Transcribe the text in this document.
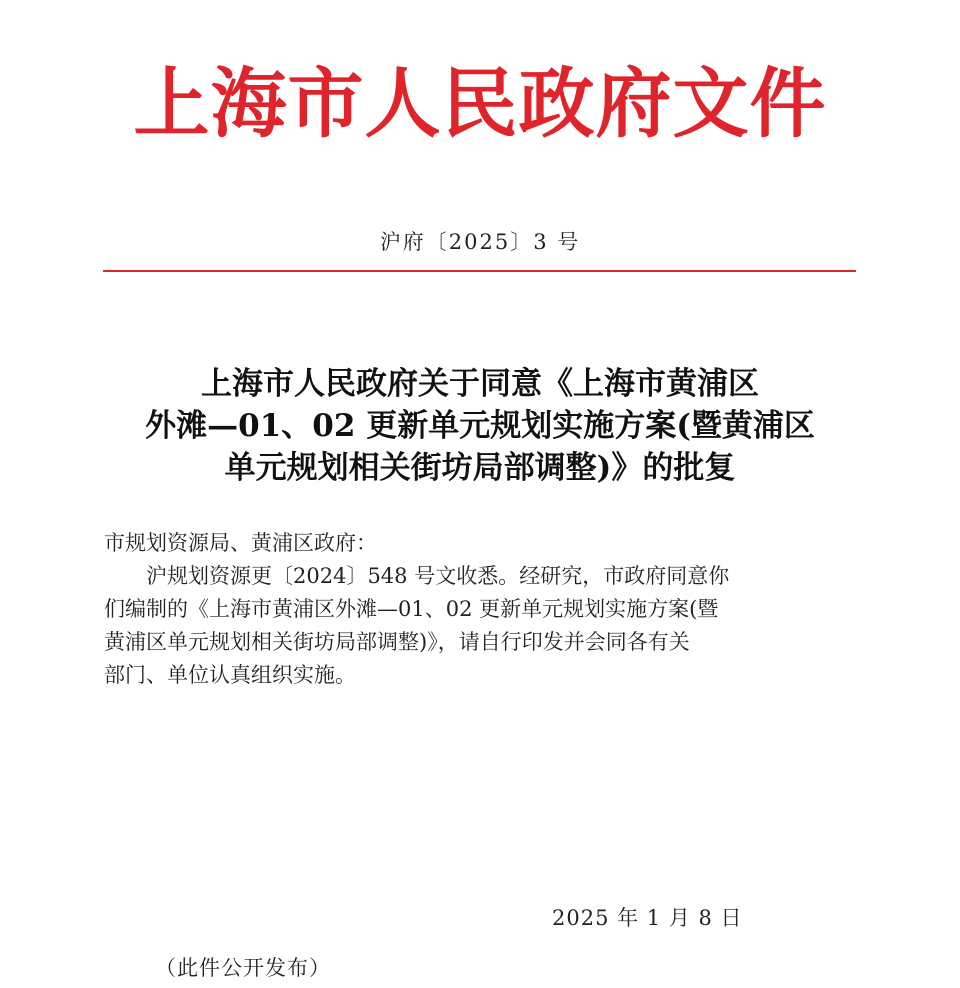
上海市人民政府文件
沪府〔2025〕3 号
上海市人民政府关于同意《上海市黄浦区
外滩—01、02 更新单元规划实施方案(暨黄浦区
单元规划相关街坊局部调整)》的批复
市规划资源局、黄浦区政府：
沪规划资源更〔2024〕548 号文收悉。经研究，市政府同意你
们编制的《上海市黄浦区外滩—01、02 更新单元规划实施方案(暨
黄浦区单元规划相关街坊局部调整)》，请自行印发并会同各有关
部门、单位认真组织实施。
2025 年 1 月 8 日
（此件公开发布）
